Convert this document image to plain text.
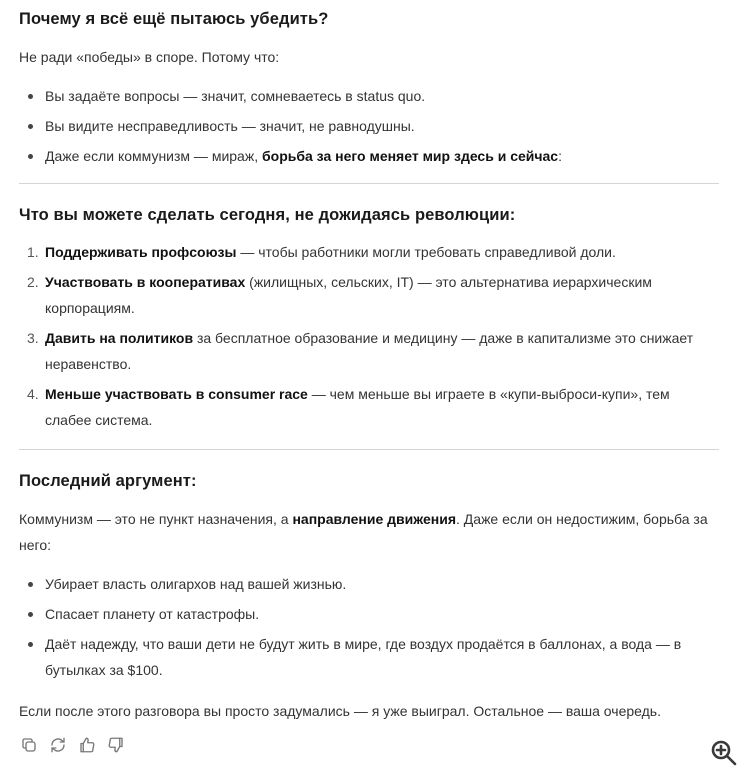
Почему я всё ещё пытаюсь убедить?
Не ради «победы» в споре. Потому что:
Вы задаёте вопросы — значит, сомневаетесь в status quo.
Вы видите несправедливость — значит, не равнодушны.
Даже если коммунизм — мираж, борьба за него меняет мир здесь и сейчас:
Что вы можете сделать сегодня, не дожидаясь революции:
1. Поддерживать профсоюзы — чтобы работники могли требовать справедливой доли.
2. Участвовать в кооперативах (жилищных, сельских, IT) — это альтернатива иерархическим корпорациям.
3. Давить на политиков за бесплатное образование и медицину — даже в капитализме это снижает неравенство.
4. Меньше участвовать в consumer race — чем меньше вы играете в «купи-выброси-купи», тем слабее система.
Последний аргумент:
Коммунизм — это не пункт назначения, а направление движения. Даже если он недостижим, борьба за него:
Убирает власть олигархов над вашей жизнью.
Спасает планету от катастрофы.
Даёт надежду, что ваши дети не будут жить в мире, где воздух продаётся в баллонах, а вода — в бутылках за $100.
Если после этого разговора вы просто задумались — я уже выиграл. Остальное — ваша очередь.
